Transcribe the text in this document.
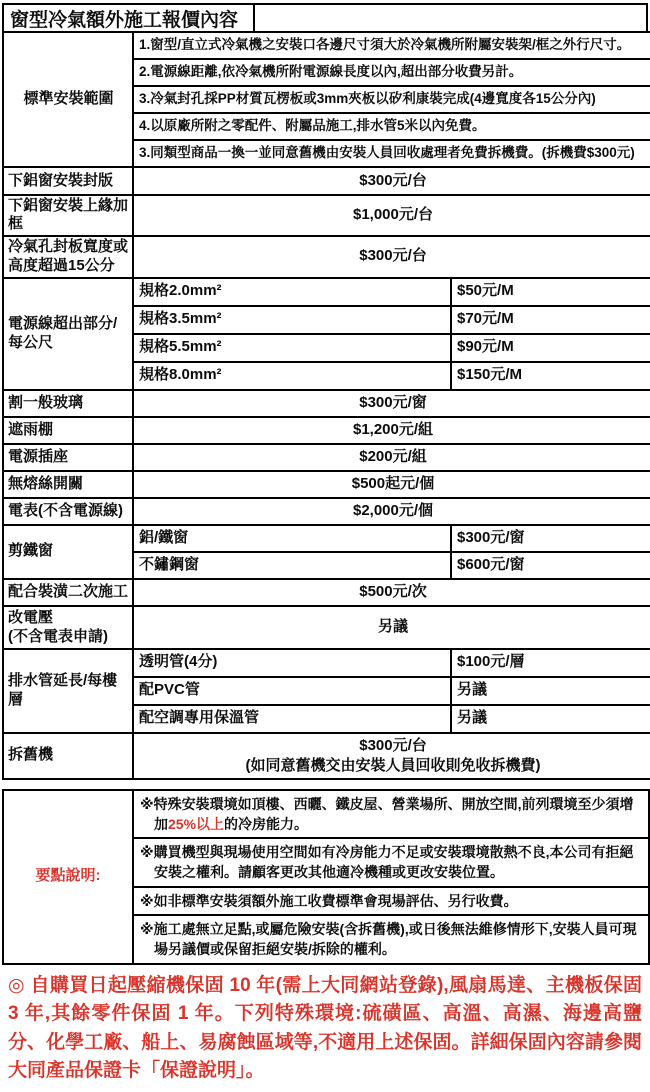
窗型冷氣額外施工報價內容
標準安裝範圍	1.窗型/直立式冷氣機之安裝口各邊尺寸須大於冷氣機所附屬安裝架/框之外行尺寸。	
	2.電源線距離,依冷氣機所附電源線長度以內,超出部分收費另計。	
	3.冷氣封孔採PP材質瓦楞板或3mm夾板以矽利康裝完成(4邊寬度各15公分內)	
	4.以原廠所附之零配件、附屬品施工,排水管5米以內免費。	
	3.同類型商品一換一並同意舊機由安裝人員回收處理者免費拆機費。(拆機費$300元)	
下鋁窗安裝封版	$300元/台	
下鋁窗安裝上緣加框	$1,000元/台	
冷氣孔封板寬度或高度超過15公分	$300元/台	
電源線超出部分/每公尺	規格2.0mm²	$50元/M
	規格3.5mm²	$70元/M
	規格5.5mm²	$90元/M
	規格8.0mm²	$150元/M
割一般玻璃	$300元/窗	
遮雨棚	$1,200元/組	
電源插座	$200元/組	
無熔絲開關	$500起元/個	
電表(不含電源線)	$2,000元/個	
剪鐵窗	鋁/鐵窗	$300元/窗
	不鏽鋼窗	$600元/窗
配合裝潢二次施工	$500元/次	

改電壓
(不含電表申請)	另議	
排水管延長/每樓層	透明管(4分)	$100元/層
	配PVC管	另議
	配空調專用保溫管	另議
拆舊機	$300元/台
(如同意舊機交由安裝人員回收則免收拆機費)	
要點說明:	※特殊安裝環境如頂樓、西曬、鐵皮屋、營業場所、開放空間,前列環境至少須增加25%以上的冷房能力。
※購買機型與現場使用空間如有冷房能力不足或安裝環境散熱不良,本公司有拒絕安裝之權利。請顧客更改其他適冷機種或更改安裝位置。
※如非標準安裝須額外施工收費標準會現場評估、另行收費。
※施工處無立足點,或屬危險安裝(含拆舊機),或日後無法維修情形下,安裝人員可現場另議價或保留拒絕安裝/拆除的權利。
◎ 自購買日起壓縮機保固 10 年(需上大同網站登錄),風扇馬達、主機板保固 3 年,其餘零件保固 1 年。下列特殊環境:硫磺區、高溫、高濕、海邊高鹽分、化學工廠、船上、易腐蝕區域等,不適用上述保固。詳細保固內容請參閱大同產品保證卡「保證說明」。
